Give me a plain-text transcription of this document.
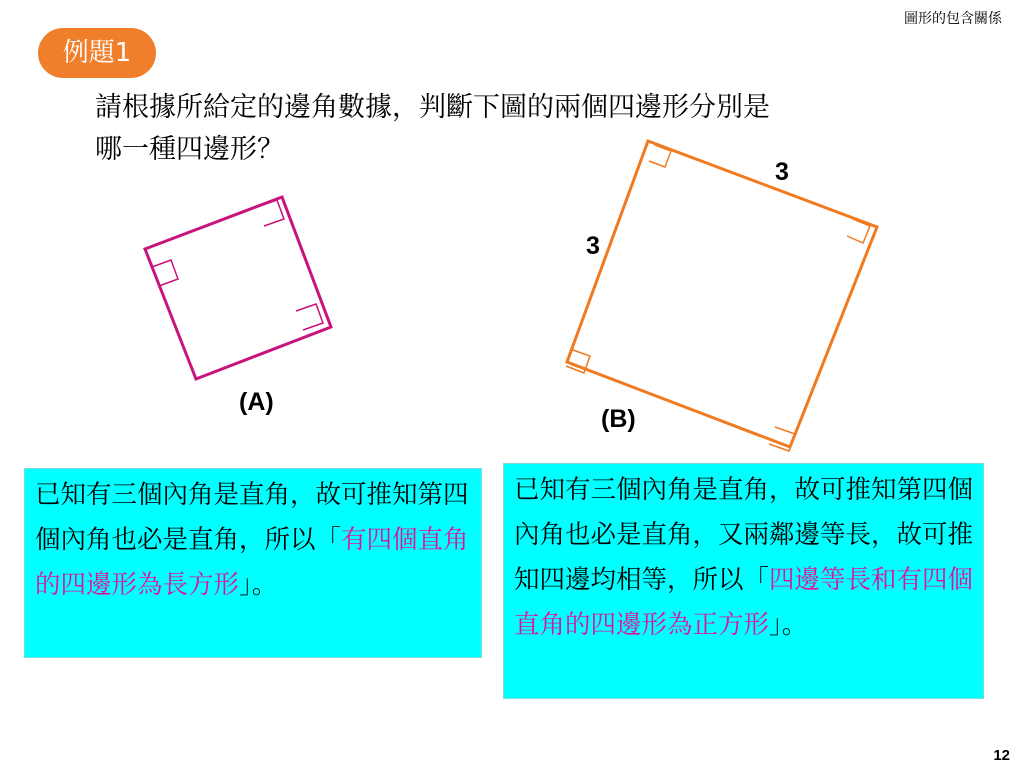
圖形的包含關係
例題1
請根據所給定的邊角數據，判斷下圖的兩個四邊形分別是
哪一種四邊形？
3
3
(A)
(B)
已知有三個內角是直角，故可推知第四個內角也必是直角，所以「有四個直角的四邊形為長方形」。
已知有三個內角是直角，故可推知第四個內角也必是直角，又兩鄰邊等長，故可推知四邊均相等，所以「四邊等長和有四個直角的四邊形為正方形」。
12
